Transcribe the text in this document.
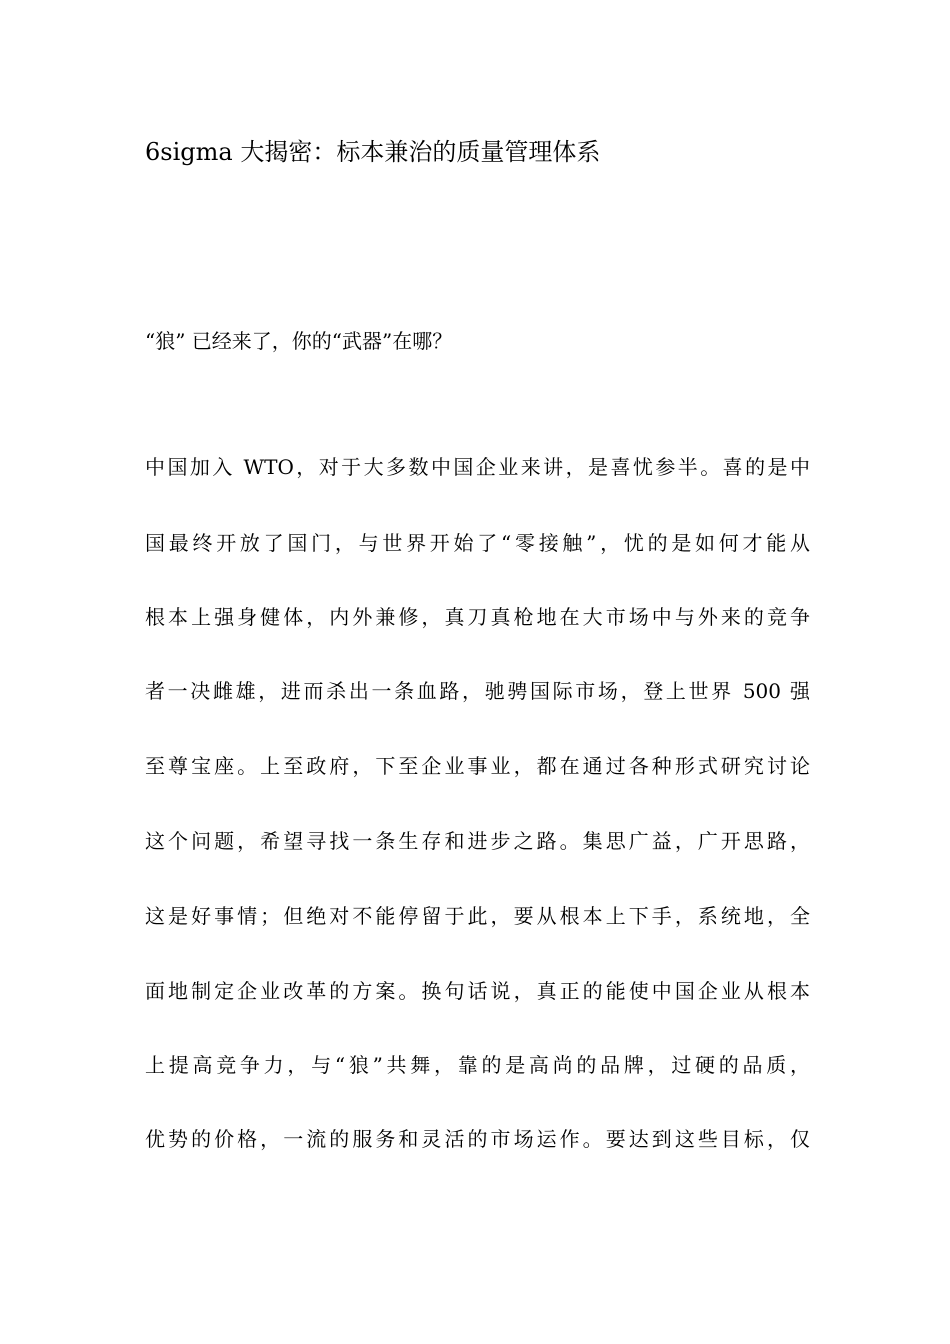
6sigma 大揭密：标本兼治的质量管理体系
“狼” 已经来了，你的“武器”在哪？
中国加入 WTO，对于大多数中国企业来讲，是喜忧参半。喜的是中
国最终开放了国门，与世界开始了“零接触”，忧的是如何才能从
根本上强身健体，内外兼修，真刀真枪地在大市场中与外来的竞争
者一决雌雄，进而杀出一条血路，驰骋国际市场，登上世界 500 强
至尊宝座。上至政府，下至企业事业，都在通过各种形式研究讨论
这个问题，希望寻找一条生存和进步之路。集思广益，广开思路，
这是好事情；但绝对不能停留于此，要从根本上下手，系统地，全
面地制定企业改革的方案。换句话说，真正的能使中国企业从根本
上提高竞争力，与“狼”共舞，靠的是高尚的品牌，过硬的品质，
优势的价格，一流的服务和灵活的市场运作。要达到这些目标，仅
